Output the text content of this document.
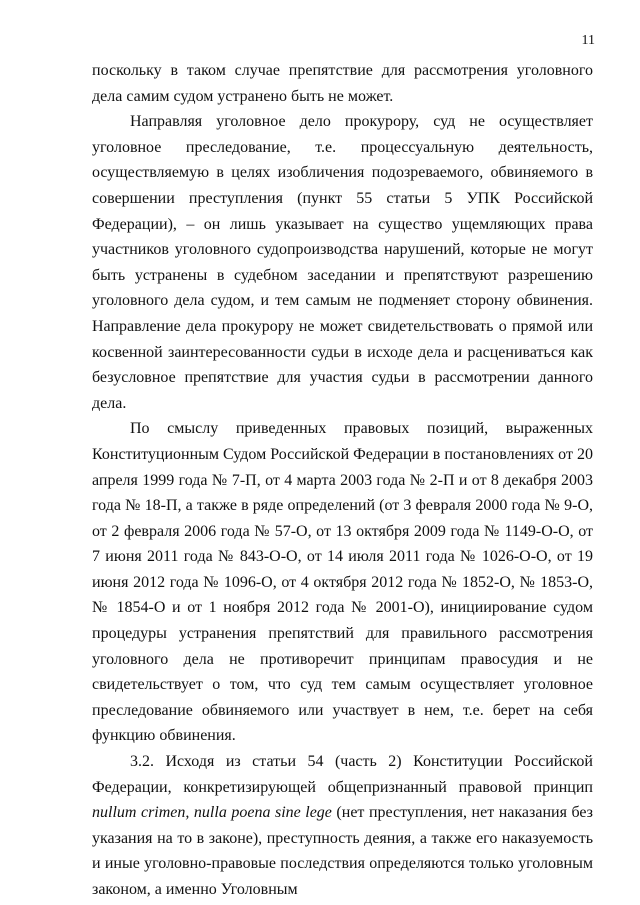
11

поскольку в таком случае препятствие для рассмотрения уголовного дела самим судом устранено быть не может.

Направляя уголовное дело прокурору, суд не осуществляет уголовное преследование, т.е. процессуальную деятельность, осуществляемую в целях изобличения подозреваемого, обвиняемого в совершении преступления (пункт 55 статьи 5 УПК Российской Федерации), – он лишь указывает на существо ущемляющих права участников уголовного судопроизводства нарушений, которые не могут быть устранены в судебном заседании и препятствуют разрешению уголовного дела судом, и тем самым не подменяет сторону обвинения. Направление дела прокурору не может свидетельствовать о прямой или косвенной заинтересованности судьи в исходе дела и расцениваться как безусловное препятствие для участия судьи в рассмотрении данного дела.

По смыслу приведенных правовых позиций, выраженных Конституционным Судом Российской Федерации в постановлениях от 20 апреля 1999 года № 7-П, от 4 марта 2003 года № 2-П и от 8 декабря 2003 года № 18-П, а также в ряде определений (от 3 февраля 2000 года № 9-О, от 2 февраля 2006 года № 57-О, от 13 октября 2009 года № 1149-О-О, от 7 июня 2011 года № 843-О-О, от 14 июля 2011 года № 1026-О-О, от 19 июня 2012 года № 1096-О, от 4 октября 2012 года № 1852-О, № 1853-О, № 1854-О и от 1 ноября 2012 года № 2001-О), инициирование судом процедуры устранения препятствий для правильного рассмотрения уголовного дела не противоречит принципам правосудия и не свидетельствует о том, что суд тем самым осуществляет уголовное преследование обвиняемого или участвует в нем, т.е. берет на себя функцию обвинения.

3.2. Исходя из статьи 54 (часть 2) Конституции Российской Федерации, конкретизирующей общепризнанный правовой принцип nullum crimen, nulla poena sine lege (нет преступления, нет наказания без указания на то в законе), преступность деяния, а также его наказуемость и иные уголовно-правовые последствия определяются только уголовным законом, а именно Уголовным
